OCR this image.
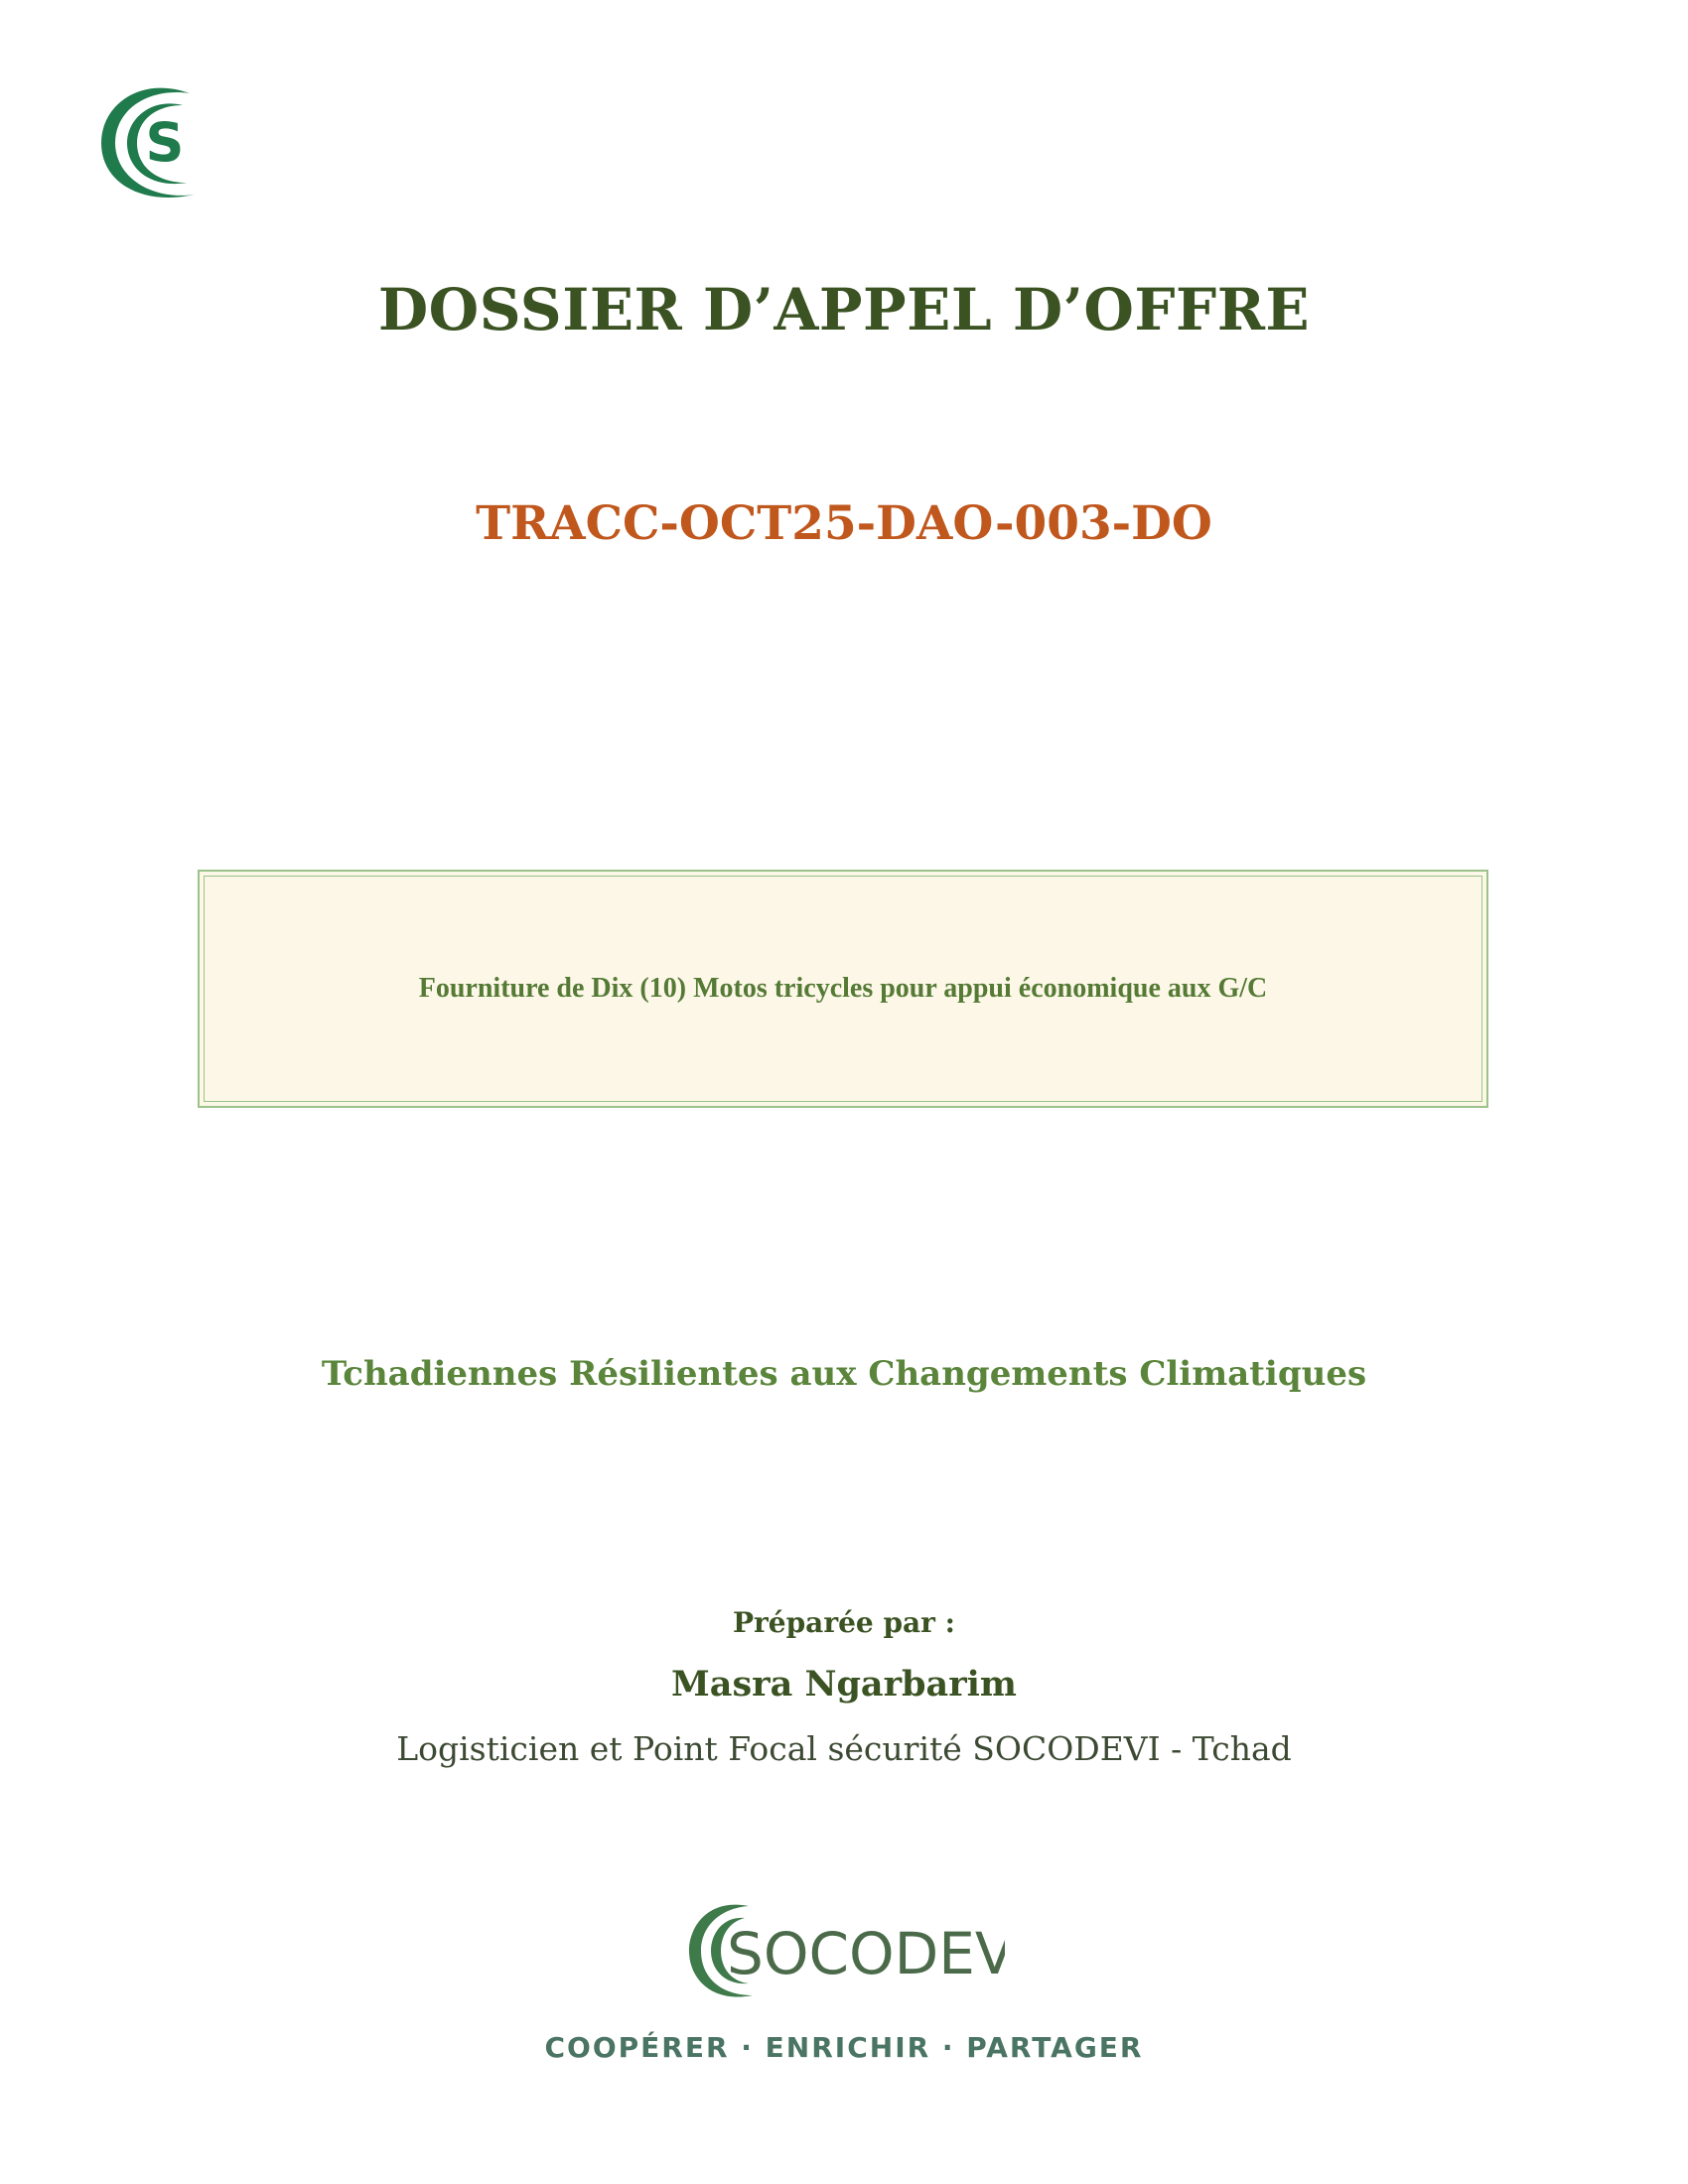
S
DOSSIER D’APPEL D’OFFRE
TRACC-OCT25-DAO-003-DO
Fourniture de Dix (10) Motos tricycles pour appui économique aux G/C
Tchadiennes Résilientes aux Changements Climatiques
Préparée par :
Masra Ngarbarim
Logisticien et Point Focal sécurité SOCODEVI - Tchad
SOCODEVI
COOPÉRER · ENRICHIR · PARTAGER
